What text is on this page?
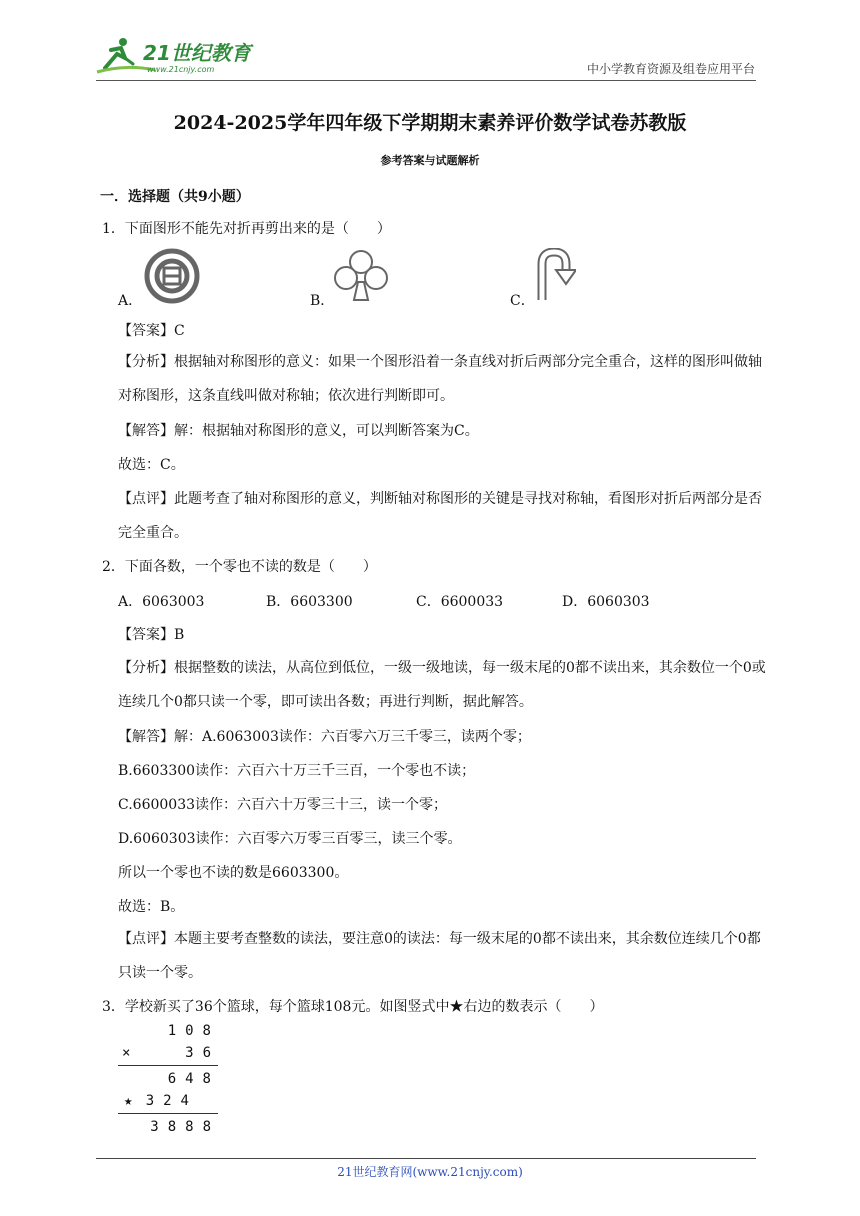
21世纪教育
www.21cnjy.com	中小学教育资源及组卷应用平台
2024-2025学年四年级下学期期末素养评价数学试卷苏教版
参考答案与试题解析
一．选择题（共9小题）
1．下面图形不能先对折再剪出来的是（　　）
A．	B．	C．
【答案】C
【分析】根据轴对称图形的意义：如果一个图形沿着一条直线对折后两部分完全重合，这样的图形叫做轴对称图形，这条直线叫做对称轴；依次进行判断即可。
【解答】解：根据轴对称图形的意义，可以判断答案为C。
故选：C。
【点评】此题考查了轴对称图形的意义，判断轴对称图形的关键是寻找对称轴，看图形对折后两部分是否完全重合。
2．下面各数，一个零也不读的数是（　　）
A．6063003	B．6603300	C．6600033	D．6060303
【答案】B
【分析】根据整数的读法，从高位到低位，一级一级地读，每一级末尾的0都不读出来，其余数位一个0或连续几个0都只读一个零，即可读出各数；再进行判断，据此解答。
【解答】解：A.6063003读作：六百零六万三千零三，读两个零；
B.6603300读作：六百六十万三千三百，一个零也不读；
C.6600033读作：六百六十万零三十三，读一个零；
D.6060303读作：六百零六万零三百零三，读三个零。
所以一个零也不读的数是6603300。
故选：B。
【点评】本题主要考查整数的读法，要注意0的读法：每一级末尾的0都不读出来，其余数位连续几个0都只读一个零。
3．学校新买了36个篮球，每个篮球108元。如图竖式中★右边的数表示（　　）
108
×	36
648
★ 324
3888
21世纪教育网(www.21cnjy.com)
